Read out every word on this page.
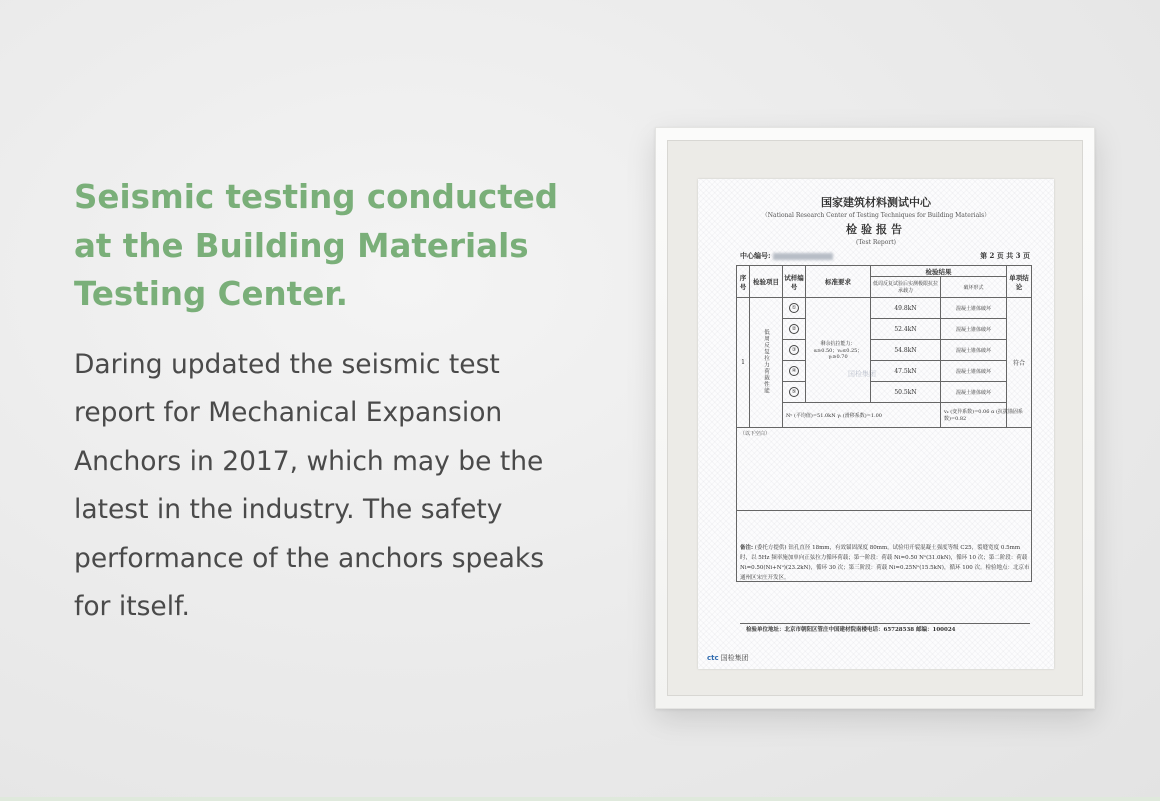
Seismic testing conducted at the Building Materials Testing Center.

Daring updated the seismic test report for Mechanical Expansion Anchors in 2017, which may be the latest in the industry. The safety performance of the anchors speaks for itself.

国家建筑材料测试中心
（National Research Center of Testing Techniques for Building Materials）
检验报告
(Test Report)
中心编号:	第 2 页 共 3 页
序号	检验项目	试样编号	标准要求	检验结果		单项结论
				低周反复试验后实测极限抗拉承载力	破坏形式	
1	低周反复拉力荷载性能	①	剩余抗拉能力：α≥0.50；vₖ≤0.25；γᵢ≥0.70	49.8kN	混凝土锥体破坏	符合
		②		52.4kN	混凝土锥体破坏	
		③		54.8kN	混凝土锥体破坏	
		④		47.5kN	混凝土锥体破坏	
		⑤		50.5kN	混凝土锥体破坏	
		Nᵘ (平均值)=51.0kN γᵢ (滑移系数)=1.00			vₖ (变异系数)=0.06 α (抗拔锚固系数)=0.82	
（以下空白）						

备注: (委托方提供) 钻孔直径 18mm，有效锚固深度 80mm，试验用开裂混凝土强度等级 C25，裂缝宽度 0.5mm 时，以 5Hz 频率施加单向正弦拉力循环荷载；第一阶段：荷载 Ni=0.50 Nᵘ(31.0kN)，循环 10 次；第二阶段：荷载 Ni=0.50(Ni+Nᵘ)(23.2kN)，循环 30 次；第三阶段：荷载 Ni=0.25Nᵘ(15.5kN)，循环 100 次。检验地点：北京市通州区宋庄开发区。
检验单位地址：北京市朝阳区管庄中国建材院南楼电话：65728538 邮编：100024
国检集团
ctc 国检集团
